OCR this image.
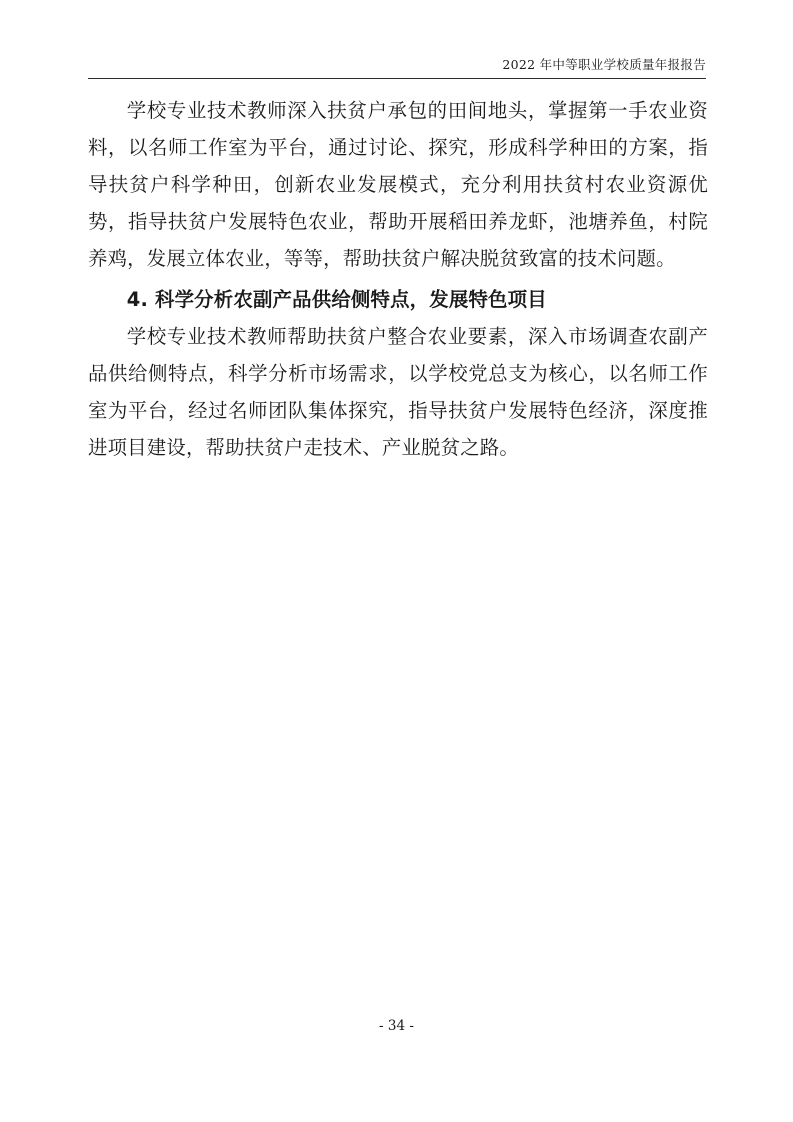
2022 年中等职业学校质量年报报告

学校专业技术教师深入扶贫户承包的田间地头，掌握第一手农业资料，以名师工作室为平台，通过讨论、探究，形成科学种田的方案，指导扶贫户科学种田，创新农业发展模式，充分利用扶贫村农业资源优势，指导扶贫户发展特色农业，帮助开展稻田养龙虾，池塘养鱼，村院养鸡，发展立体农业，等等，帮助扶贫户解决脱贫致富的技术问题。

4. 科学分析农副产品供给侧特点，发展特色项目

学校专业技术教师帮助扶贫户整合农业要素，深入市场调查农副产品供给侧特点，科学分析市场需求，以学校党总支为核心，以名师工作室为平台，经过名师团队集体探究，指导扶贫户发展特色经济，深度推进项目建设，帮助扶贫户走技术、产业脱贫之路。

- 34 -
